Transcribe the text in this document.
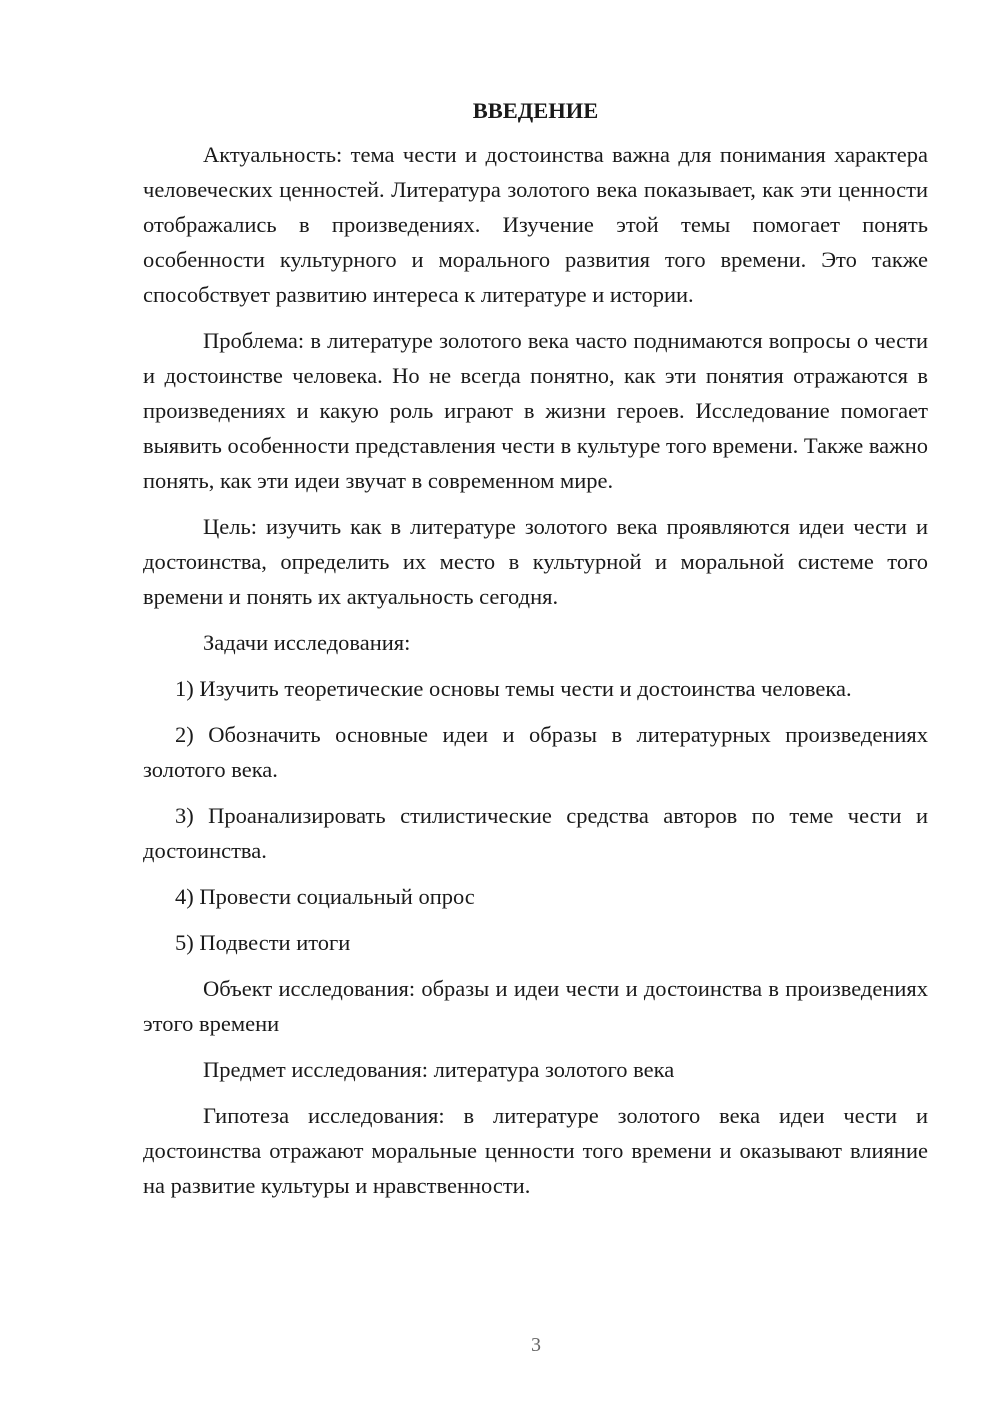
ВВЕДЕНИЕ

Актуальность: тема чести и достоинства важна для понимания характера человеческих ценностей. Литература золотого века показывает, как эти ценности отображались в произведениях. Изучение этой темы помогает понять особенности культурного и морального развития того времени. Это также способствует развитию интереса к литературе и истории.

Проблема: в литературе золотого века часто поднимаются вопросы о чести и достоинстве человека. Но не всегда понятно, как эти понятия отражаются в произведениях и какую роль играют в жизни героев. Исследование помогает выявить особенности представления чести в культуре того времени. Также важно понять, как эти идеи звучат в современном мире.

Цель: изучить как в литературе золотого века проявляются идеи чести и достоинства, определить их место в культурной и моральной системе того времени и понять их актуальность сегодня.

Задачи исследования:

1) Изучить теоретические основы темы чести и достоинства человека.

2) Обозначить основные идеи и образы в литературных произведениях золотого века.

3) Проанализировать стилистические средства авторов по теме чести и достоинства.

4) Провести социальный опрос

5) Подвести итоги

Объект исследования: образы и идеи чести и достоинства в произведениях этого времени

Предмет исследования: литература золотого века

Гипотеза исследования: в литературе золотого века идеи чести и достоинства отражают моральные ценности того времени и оказывают влияние на развитие культуры и нравственности.

3
